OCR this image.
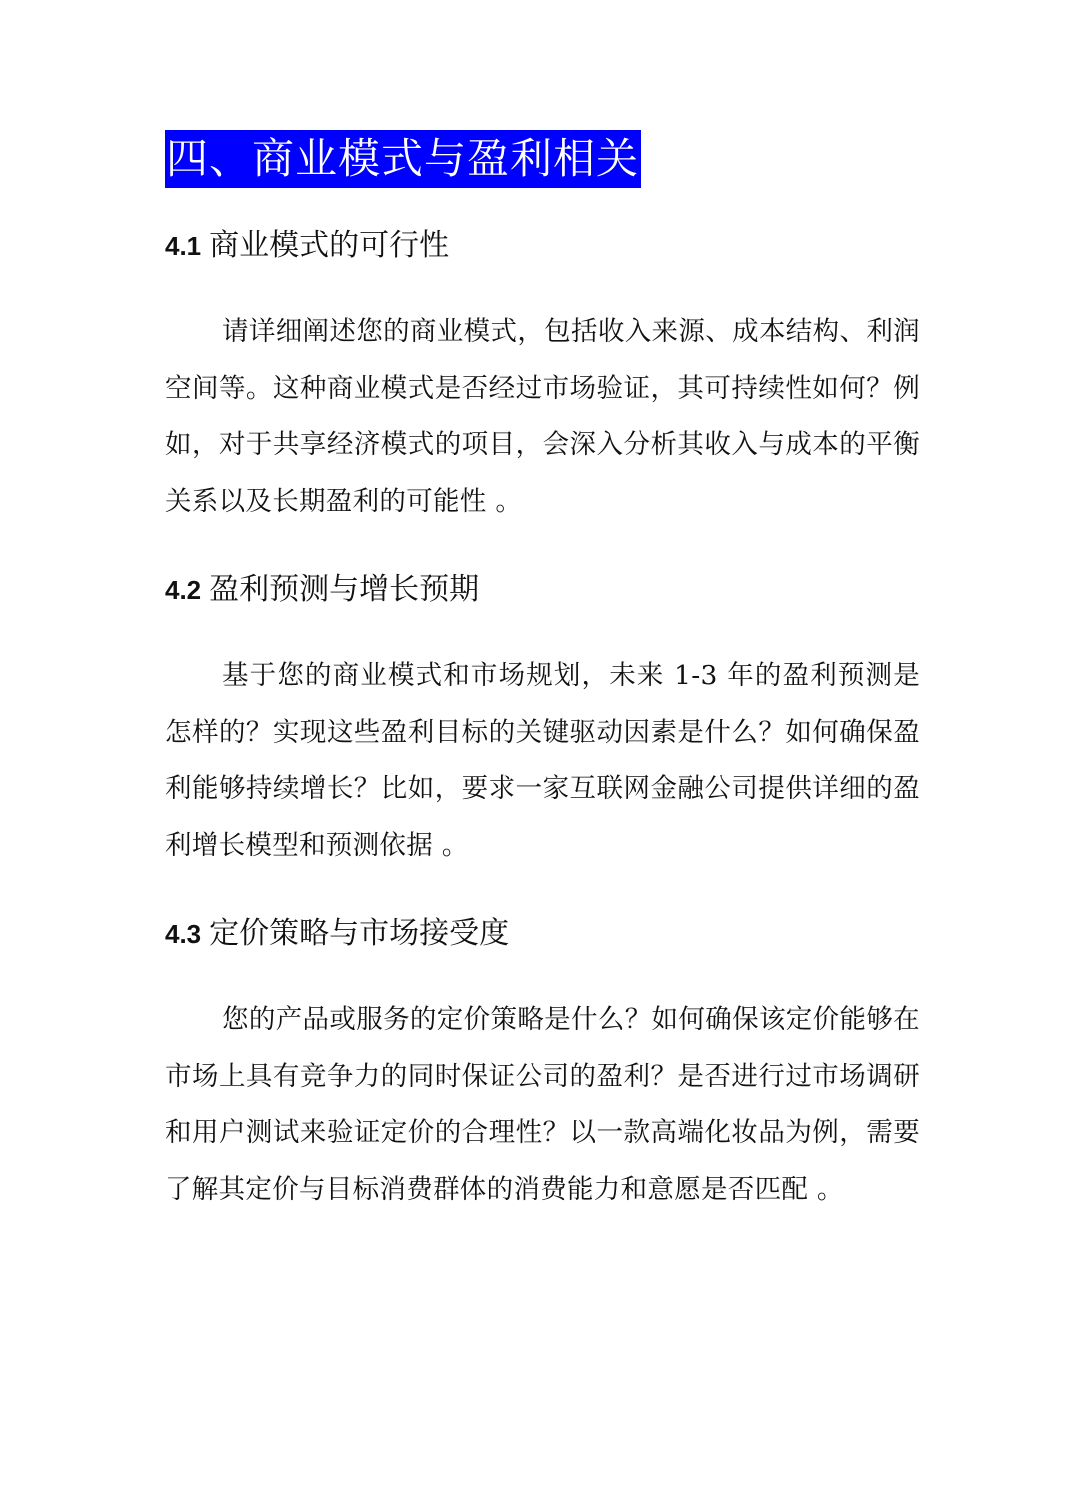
四、商业模式与盈利相关
4.1 商业模式的可行性

请详细阐述您的商业模式，包括收入来源、成本结构、利润空间等。这种商业模式是否经过市场验证，其可持续性如何？例如，对于共享经济模式的项目，会深入分析其收入与成本的平衡关系以及长期盈利的可能性 。

4.2 盈利预测与增长预期

基于您的商业模式和市场规划，未来 1-3 年的盈利预测是怎样的？实现这些盈利目标的关键驱动因素是什么？如何确保盈利能够持续增长？比如，要求一家互联网金融公司提供详细的盈利增长模型和预测依据 。

4.3 定价策略与市场接受度

您的产品或服务的定价策略是什么？如何确保该定价能够在市场上具有竞争力的同时保证公司的盈利？是否进行过市场调研和用户测试来验证定价的合理性？以一款高端化妆品为例，需要了解其定价与目标消费群体的消费能力和意愿是否匹配 。
